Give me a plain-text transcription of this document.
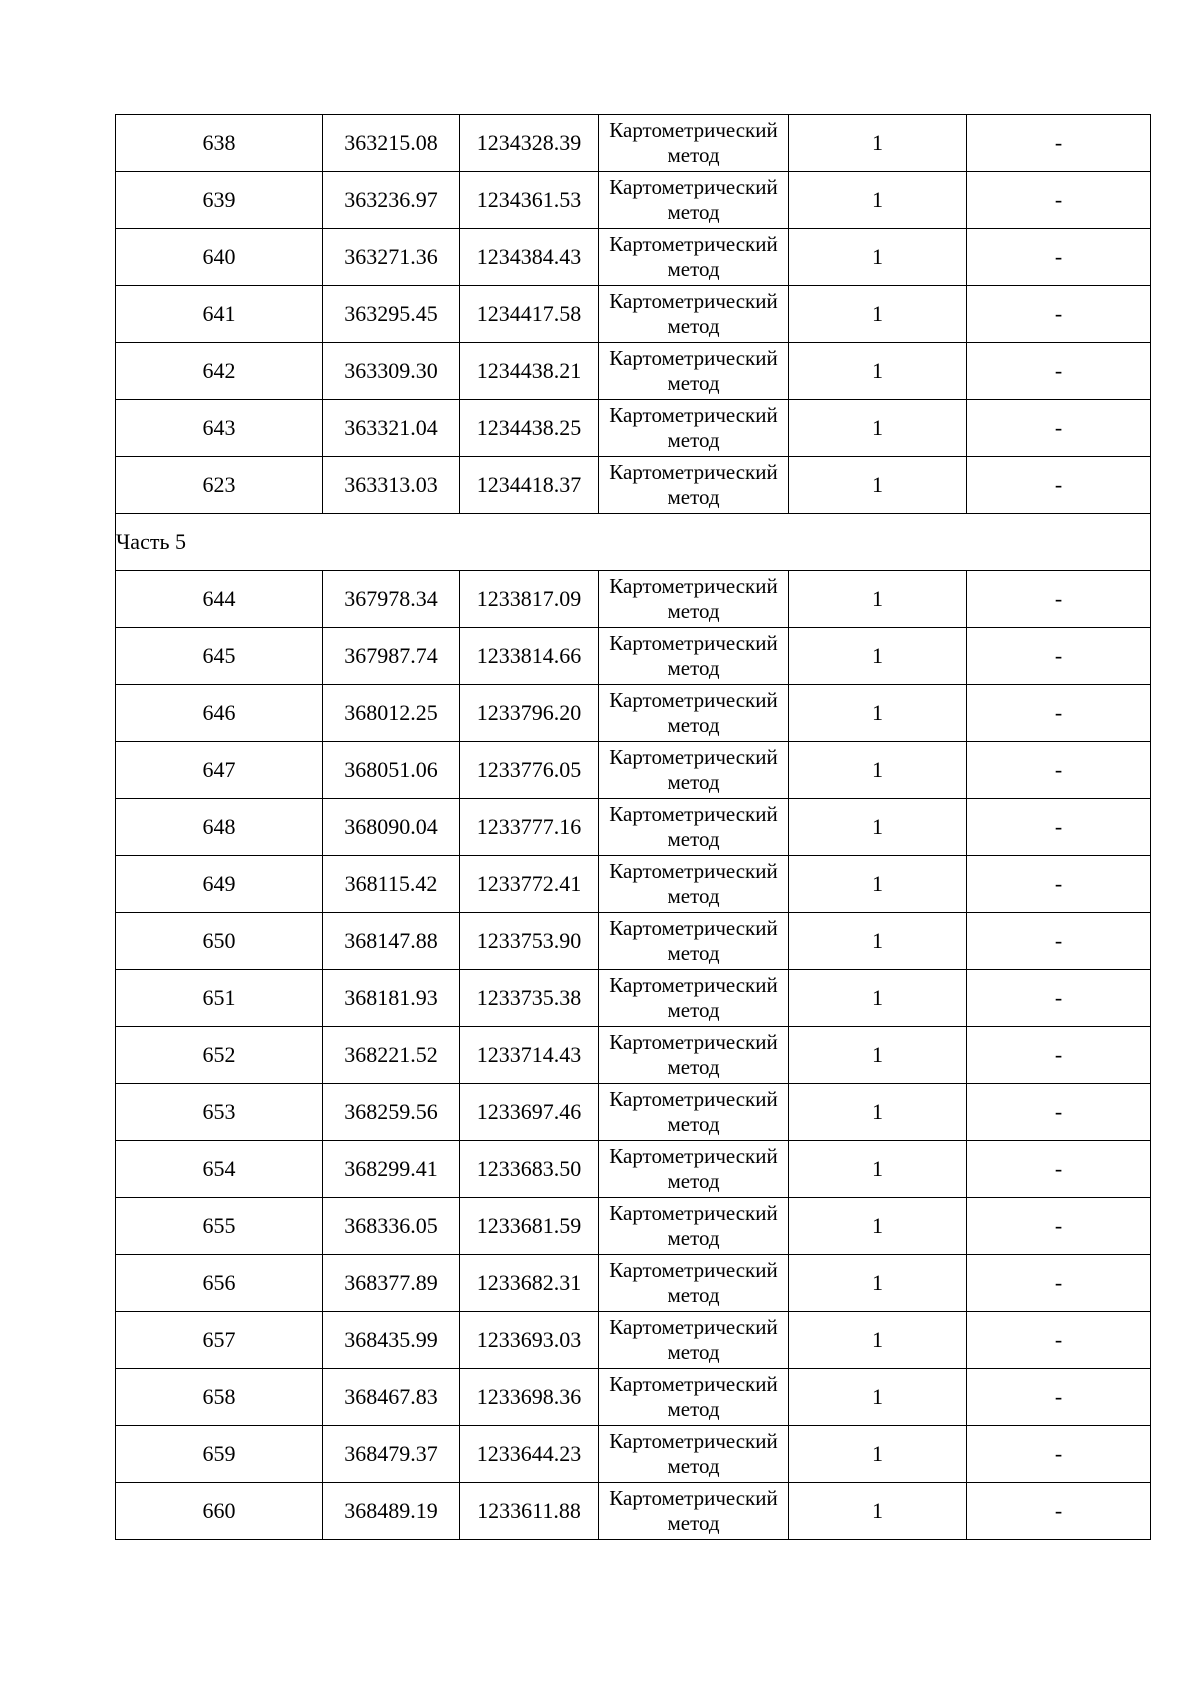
638	363215.08	1234328.39	Картометрический метод	1	-
639	363236.97	1234361.53	Картометрический метод	1	-
640	363271.36	1234384.43	Картометрический метод	1	-
641	363295.45	1234417.58	Картометрический метод	1	-
642	363309.30	1234438.21	Картометрический метод	1	-
643	363321.04	1234438.25	Картометрический метод	1	-
623	363313.03	1234418.37	Картометрический метод	1	-
Часть 5					
644	367978.34	1233817.09	Картометрический метод	1	-
645	367987.74	1233814.66	Картометрический метод	1	-
646	368012.25	1233796.20	Картометрический метод	1	-
647	368051.06	1233776.05	Картометрический метод	1	-
648	368090.04	1233777.16	Картометрический метод	1	-
649	368115.42	1233772.41	Картометрический метод	1	-
650	368147.88	1233753.90	Картометрический метод	1	-
651	368181.93	1233735.38	Картометрический метод	1	-
652	368221.52	1233714.43	Картометрический метод	1	-
653	368259.56	1233697.46	Картометрический метод	1	-
654	368299.41	1233683.50	Картометрический метод	1	-
655	368336.05	1233681.59	Картометрический метод	1	-
656	368377.89	1233682.31	Картометрический метод	1	-
657	368435.99	1233693.03	Картометрический метод	1	-
658	368467.83	1233698.36	Картометрический метод	1	-
659	368479.37	1233644.23	Картометрический метод	1	-
660	368489.19	1233611.88	Картометрический метод	1	-
